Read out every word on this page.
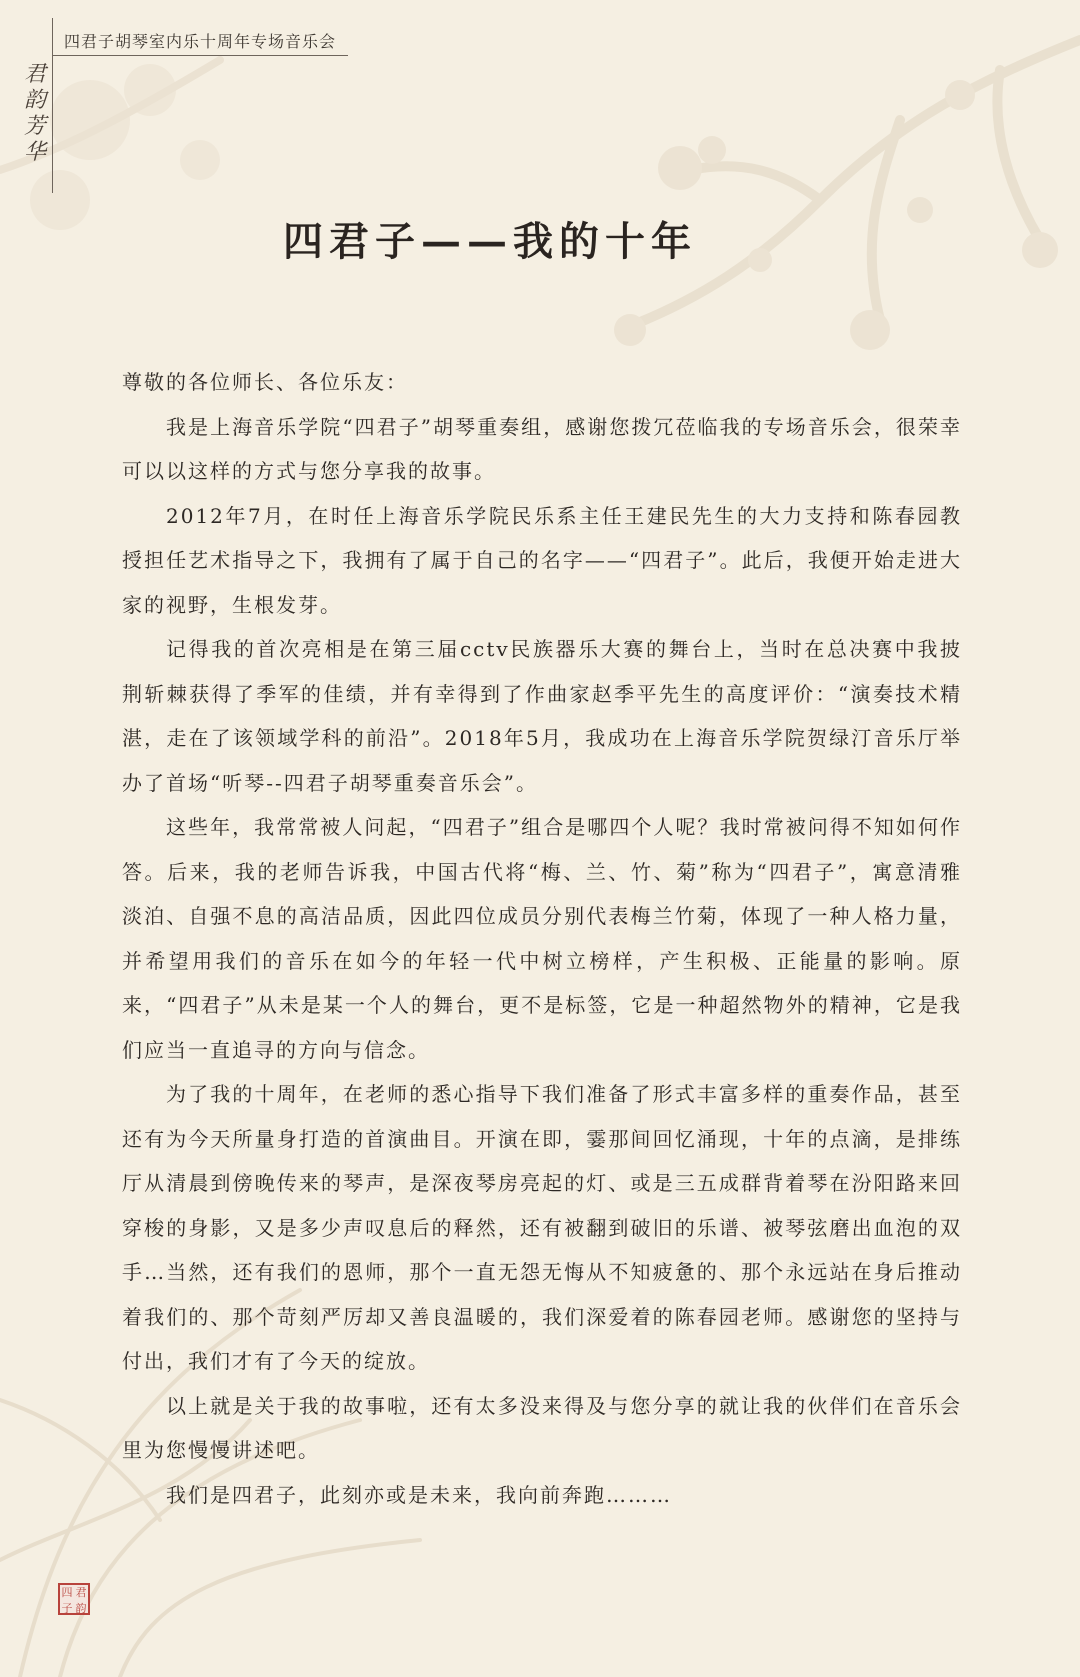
四君子胡琴室内乐十周年专场音乐会
君韵芳华
四君子——我的十年

尊敬的各位师长、各位乐友：

我是上海音乐学院“四君子”胡琴重奏组，感谢您拨冗莅临我的专场音乐会，很荣幸可以以这样的方式与您分享我的故事。

2012年7月，在时任上海音乐学院民乐系主任王建民先生的大力支持和陈春园教授担任艺术指导之下，我拥有了属于自己的名字——“四君子”。此后，我便开始走进大家的视野，生根发芽。

记得我的首次亮相是在第三届cctv民族器乐大赛的舞台上，当时在总决赛中我披荆斩棘获得了季军的佳绩，并有幸得到了作曲家赵季平先生的高度评价：“演奏技术精湛，走在了该领域学科的前沿”。2018年5月，我成功在上海音乐学院贺绿汀音乐厅举办了首场“听琴--四君子胡琴重奏音乐会”。

这些年，我常常被人问起，“四君子”组合是哪四个人呢？我时常被问得不知如何作答。后来，我的老师告诉我，中国古代将“梅、兰、竹、菊”称为“四君子”，寓意清雅淡泊、自强不息的高洁品质，因此四位成员分别代表梅兰竹菊，体现了一种人格力量，并希望用我们的音乐在如今的年轻一代中树立榜样，产生积极、正能量的影响。原来，“四君子”从未是某一个人的舞台，更不是标签，它是一种超然物外的精神，它是我们应当一直追寻的方向与信念。

为了我的十周年，在老师的悉心指导下我们准备了形式丰富多样的重奏作品，甚至还有为今天所量身打造的首演曲目。开演在即，霎那间回忆涌现，十年的点滴，是排练厅从清晨到傍晚传来的琴声，是深夜琴房亮起的灯、或是三五成群背着琴在汾阳路来回穿梭的身影，又是多少声叹息后的释然，还有被翻到破旧的乐谱、被琴弦磨出血泡的双手…当然，还有我们的恩师，那个一直无怨无悔从不知疲惫的、那个永远站在身后推动着我们的、那个苛刻严厉却又善良温暖的，我们深爱着的陈春园老师。感谢您的坚持与付出，我们才有了今天的绽放。

以上就是关于我的故事啦，还有太多没来得及与您分享的就让我的伙伴们在音乐会里为您慢慢讲述吧。

我们是四君子，此刻亦或是未来，我向前奔跑………

四 君
子 韵
